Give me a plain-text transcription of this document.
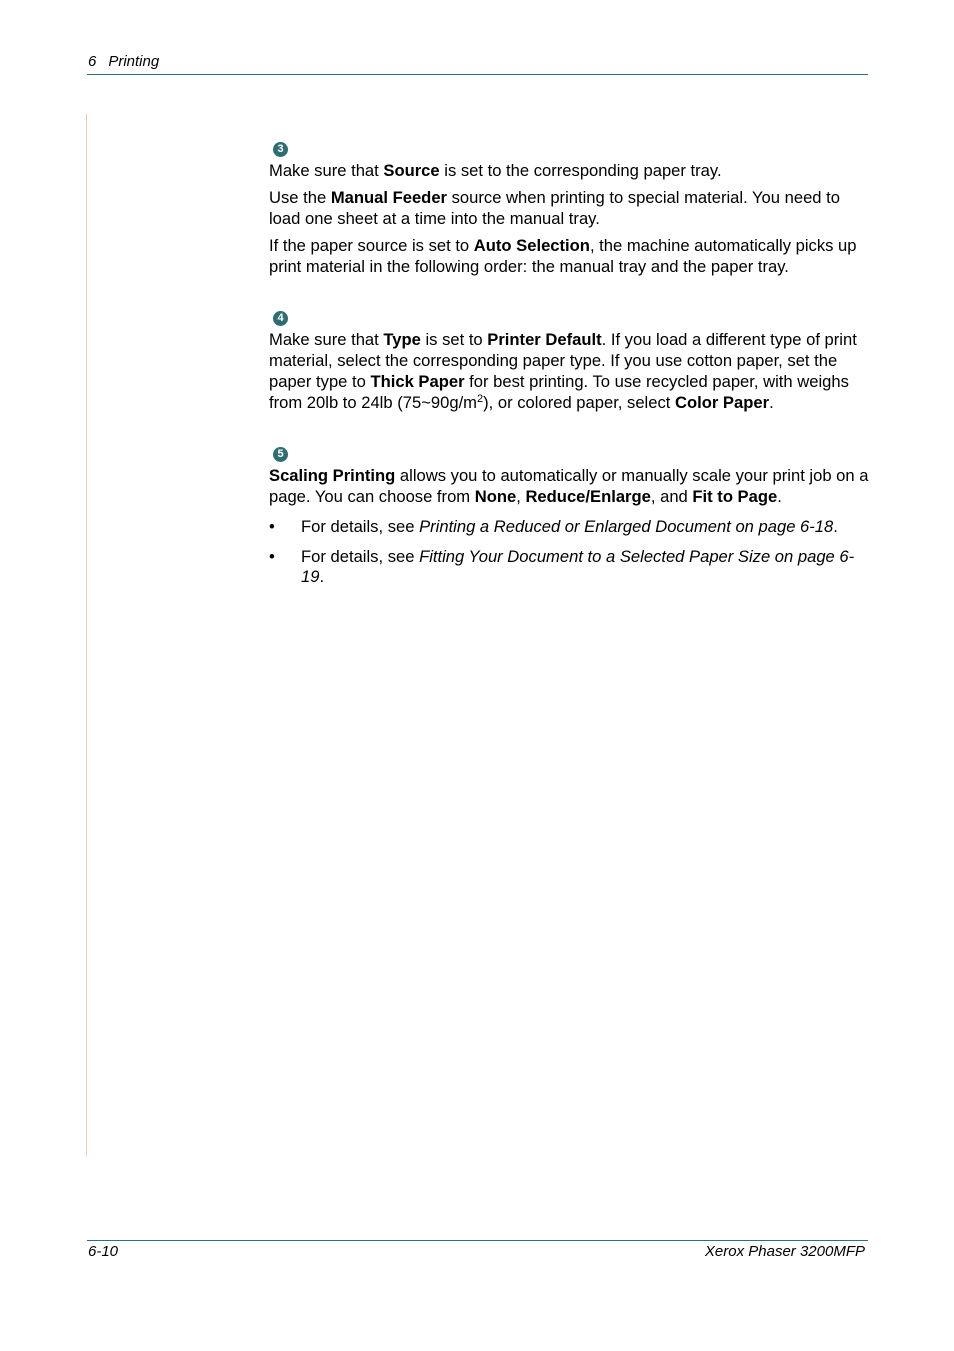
6 Printing
3

Make sure that Source is set to the corresponding paper tray.

Use the Manual Feeder source when printing to special material. You need to load one sheet at a time into the manual tray.

If the paper source is set to Auto Selection, the machine automatically picks up print material in the following order: the manual tray and the paper tray.

4

Make sure that Type is set to Printer Default. If you load a different type of print material, select the corresponding paper type. If you use cotton paper, set the paper type to Thick Paper for best printing. To use recycled paper, with weighs from 20lb to 24lb $(75\sim 90g/m^2)$, or colored paper, select Color Paper.

5

Scaling Printing allows you to automatically or manually scale your print job on a page. You can choose from None, Reduce/Enlarge, and Fit to Page.

• For details, see Printing a Reduced or Enlarged Document on page 6-18.
• For details, see Fitting Your Document to a Selected Paper Size on page 6-19.
6-10	Xerox Phaser 3200MFP
